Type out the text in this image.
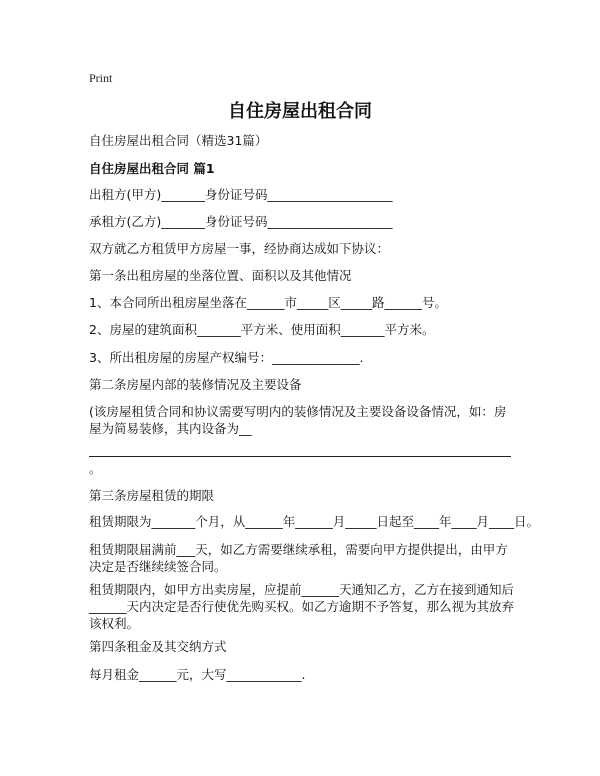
Print
自住房屋出租合同
自住房屋出租合同（精选31篇）
自住房屋出租合同 篇1
出租方(甲方)_______身份证号码____________________
承租方(乙方)_______身份证号码____________________
双方就乙方租赁甲方房屋一事，经协商达成如下协议：
第一条出租房屋的坐落位置、面积以及其他情况
1、本合同所出租房屋坐落在______市_____区_____路______号。
2、房屋的建筑面积_______平方米、使用面积_______平方米。
3、所出租房屋的房屋产权编号：______________.
第二条房屋内部的装修情况及主要设备
(该房屋租赁合同和协议需要写明内的装修情况及主要设备设备情况，如：房屋为简易装修，其内设备为__
。
第三条房屋租赁的期限
租赁期限为_______个月，从______年______月_____日起至____年____月____日。
租赁期限届满前___天，如乙方需要继续承租，需要向甲方提供提出，由甲方决定是否继续续签合同。
租赁期限内，如甲方出卖房屋，应提前______天通知乙方，乙方在接到通知后______天内决定是否行使优先购买权。如乙方逾期不予答复，那么视为其放弃该权利。
第四条租金及其交纳方式
每月租金______元，大写____________.
